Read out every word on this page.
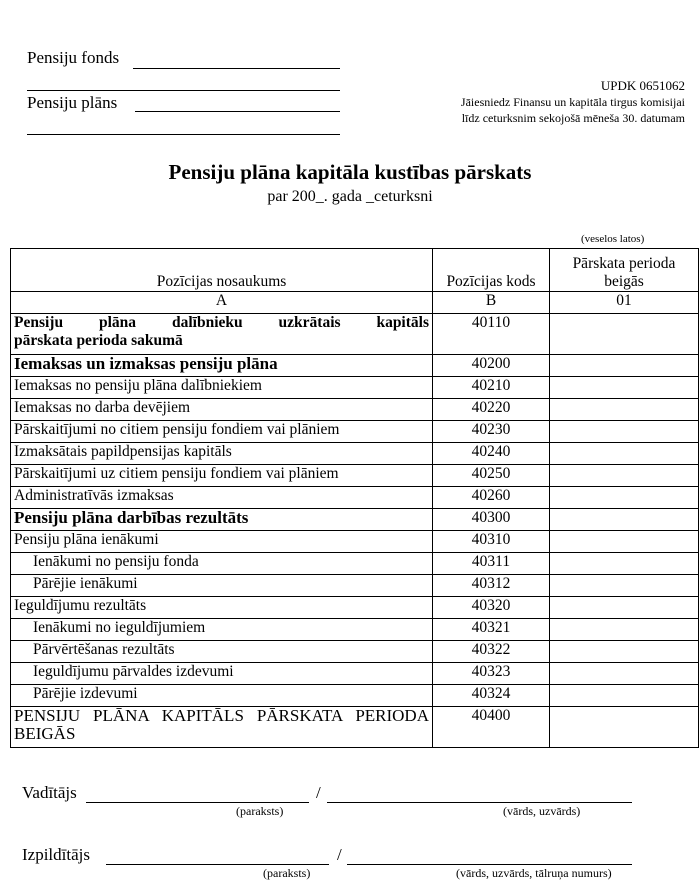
Pensiju fonds
Pensiju plāns
UPDK 0651062
Jāiesniedz Finansu un kapitāla tirgus komisijai
līdz ceturksnim sekojošā mēneša 30. datumam
Pensiju plāna kapitāla kustības pārskats
par 200_. gada _ceturksni
(veselos latos)
Pozīcijas nosaukums	Pozīcijas kods	Pārskata perioda beigās
A	B	01

Pensiju plāna dalībnieku uzkrātais kapitāls
pārskata perioda sakumā	40110	
Iemaksas un izmaksas pensiju plāna	40200	
Iemaksas no pensiju plāna dalībniekiem	40210	
Iemaksas no darba devējiem	40220	
Pārskaitījumi no citiem pensiju fondiem vai plāniem	40230	
Izmaksātais papildpensijas kapitāls	40240	
Pārskaitījumi uz citiem pensiju fondiem vai plāniem	40250	
Administratīvās izmaksas	40260	
Pensiju plāna darbības rezultāts	40300	
Pensiju plāna ienākumi	40310	
Ienākumi no pensiju fonda	40311	
Pārējie ienākumi	40312	
Ieguldījumu rezultāts	40320	
Ienākumi no ieguldījumiem	40321	
Pārvērtēšanas rezultāts	40322	
Ieguldījumu pārvaldes izdevumi	40323	
Pārējie izdevumi	40324	

PENSIJU PLĀNA KAPITĀLS PĀRSKATA PERIODA
BEIGĀS	40400	
Vadītājs	/
(paraksts)	(vārds, uzvārds)
Izpildītājs	/
(paraksts)	(vārds, uzvārds, tālruņa numurs)
